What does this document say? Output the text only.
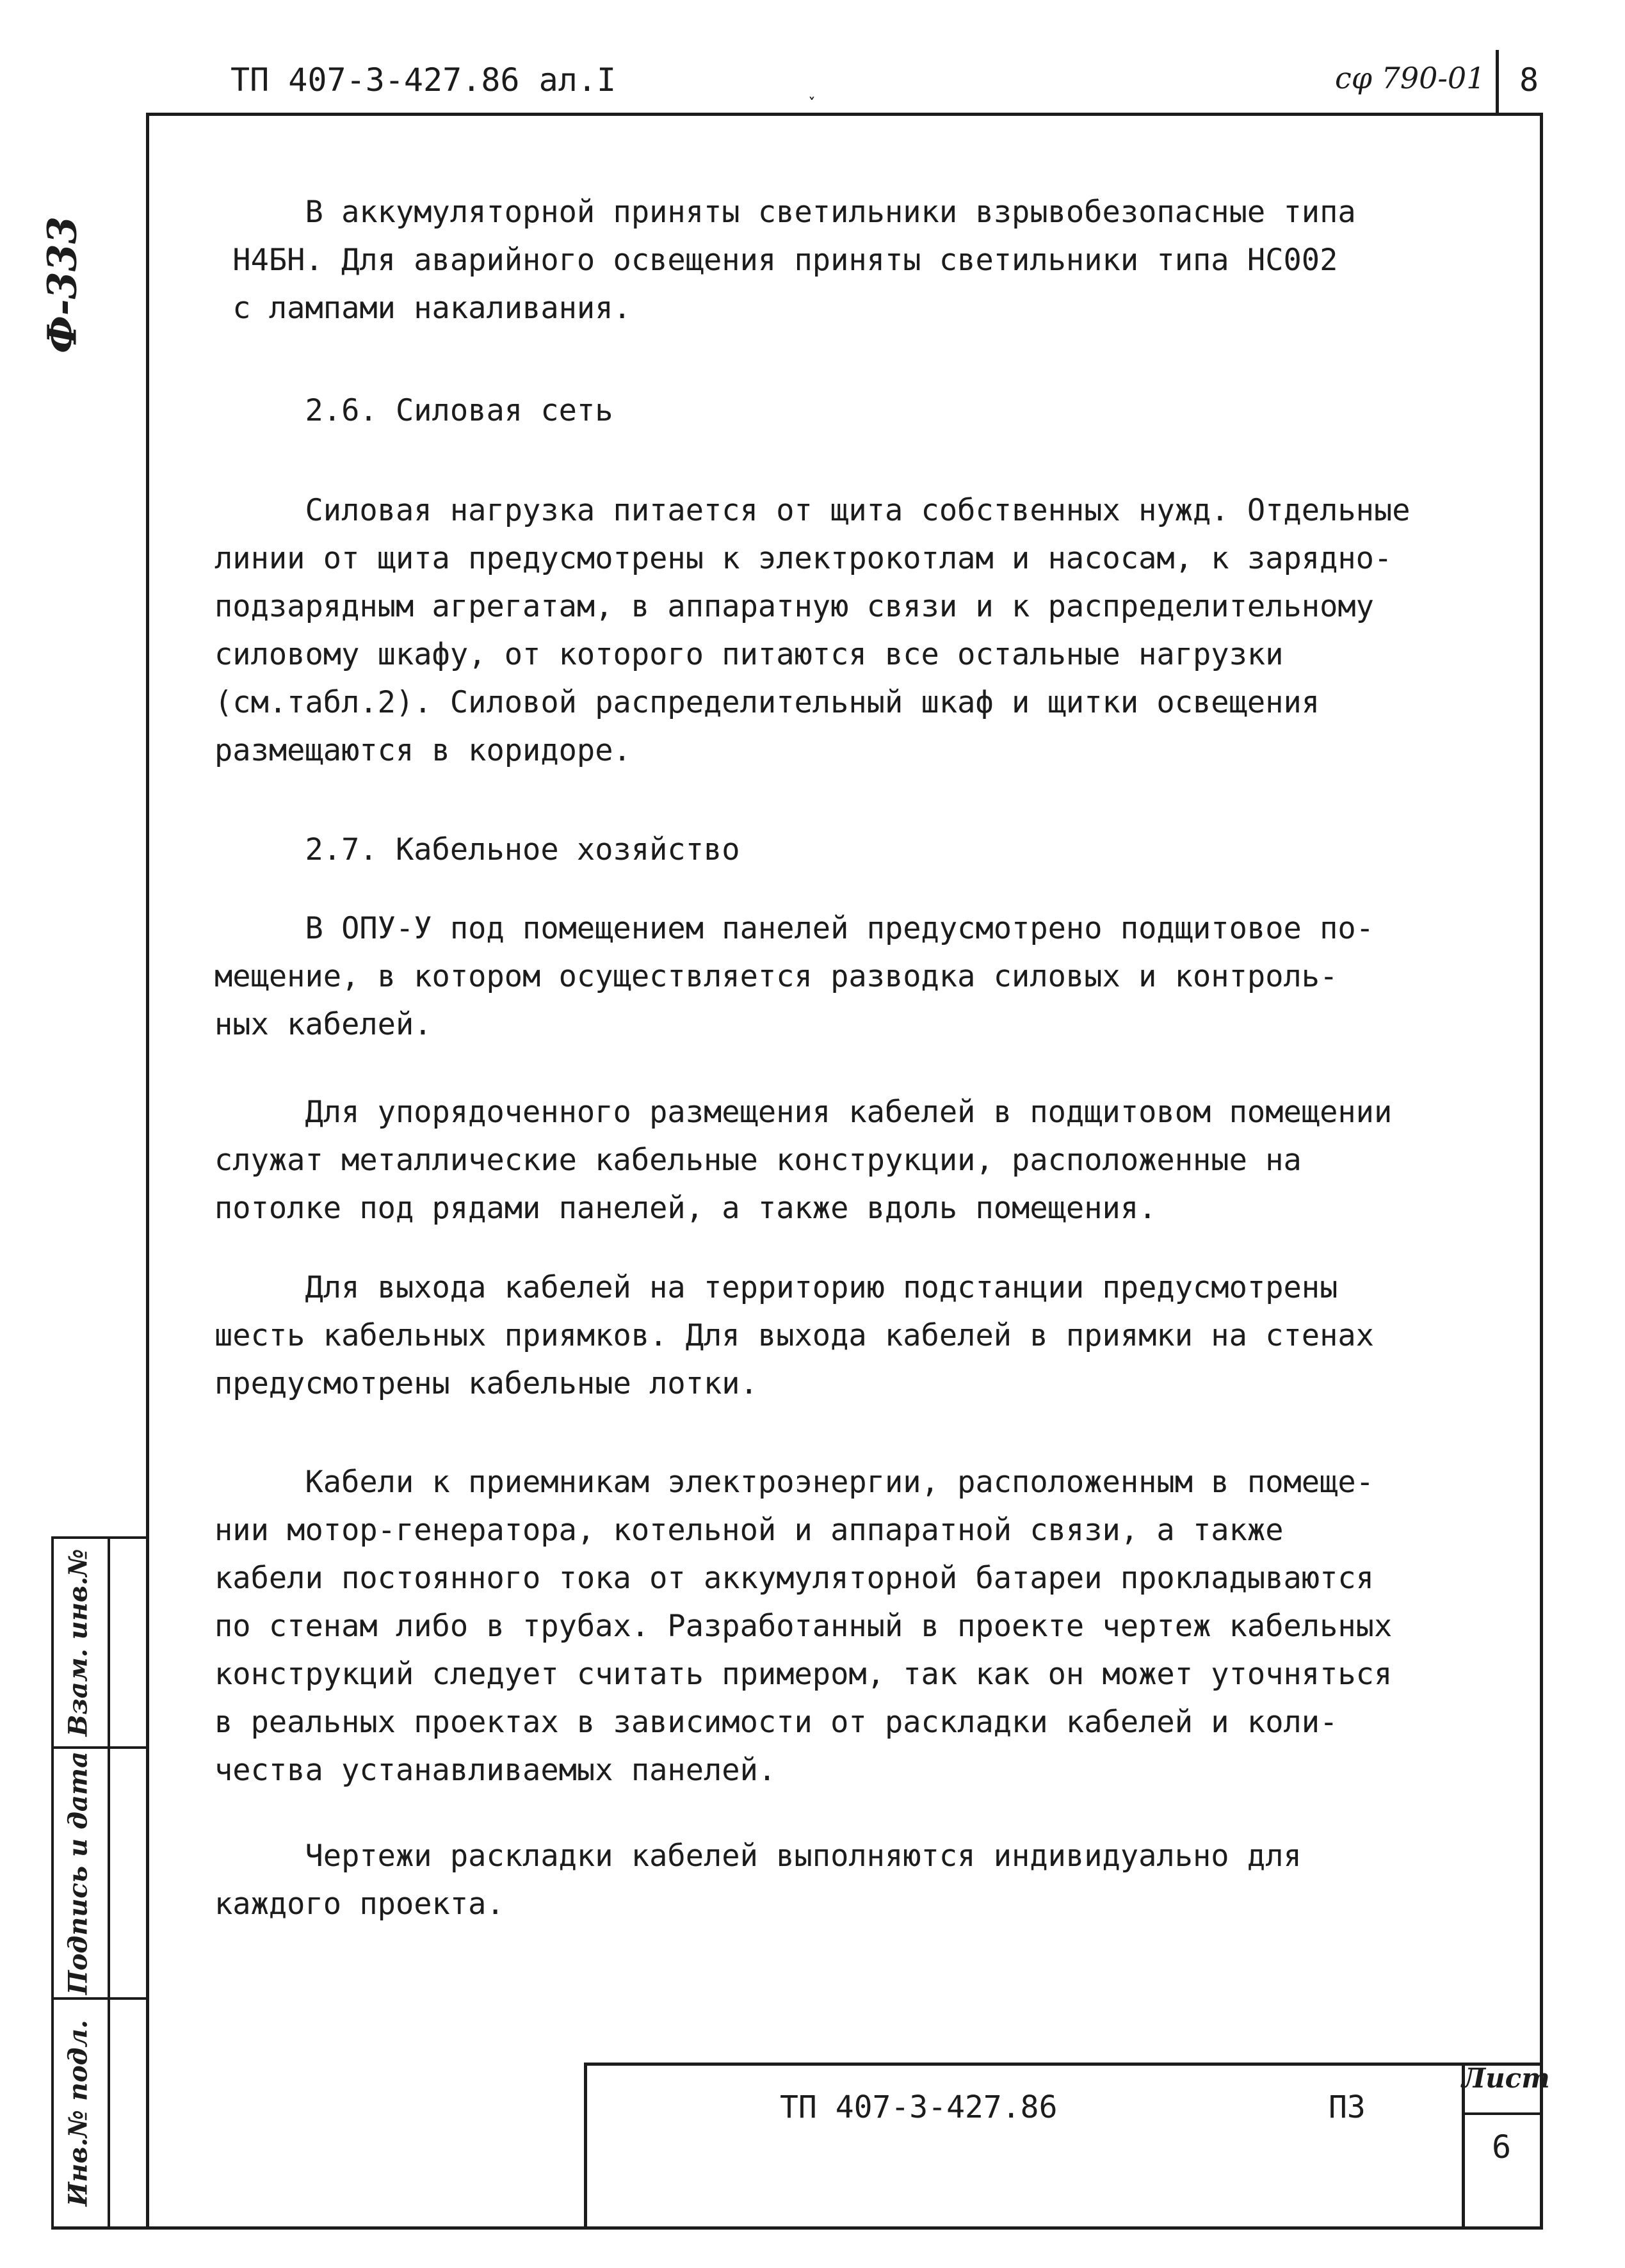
ТП 407-3-427.86 ал.I	˯	cφ 790-01 8
Ф-333
Взам. инв.№
Подпись и дата
Инв.№ подл.
В аккумуляторной приняты светильники взрывобезопасные типа
Н4БН. Для аварийного освещения приняты светильники типа НС002
с лампами накаливания.
2.6. Силовая сеть
Силовая нагрузка питается от щита собственных нужд. Отдельные
линии от щита предусмотрены к электрокотлам и насосам, к зарядно-
подзарядным агрегатам, в аппаратную связи и к распределительному
силовому шкафу, от которого питаются все остальные нагрузки
(см.табл.2). Силовой распределительный шкаф и щитки освещения
размещаются в коридоре.
2.7. Кабельное хозяйство
В ОПУ-У под помещением панелей предусмотрено подщитовое по-
мещение, в котором осуществляется разводка силовых и контроль-
ных кабелей.
Для упорядоченного размещения кабелей в подщитовом помещении
служат металлические кабельные конструкции, расположенные на
потолке под рядами панелей, а также вдоль помещения.
Для выхода кабелей на территорию подстанции предусмотрены
шесть кабельных приямков. Для выхода кабелей в приямки на стенах
предусмотрены кабельные лотки.
Кабели к приемникам электроэнергии, расположенным в помеще-
нии мотор-генератора, котельной и аппаратной связи, а также
кабели постоянного тока от аккумуляторной батареи прокладываются
по стенам либо в трубах. Разработанный в проекте чертеж кабельных
конструкций следует считать примером, так как он может уточняться
в реальных проектах в зависимости от раскладки кабелей и коли-
чества устанавливаемых панелей.
Чертежи раскладки кабелей выполняются индивидуально для
каждого проекта.
ТП 407-3-427.86	ПЗ
Лист
6
